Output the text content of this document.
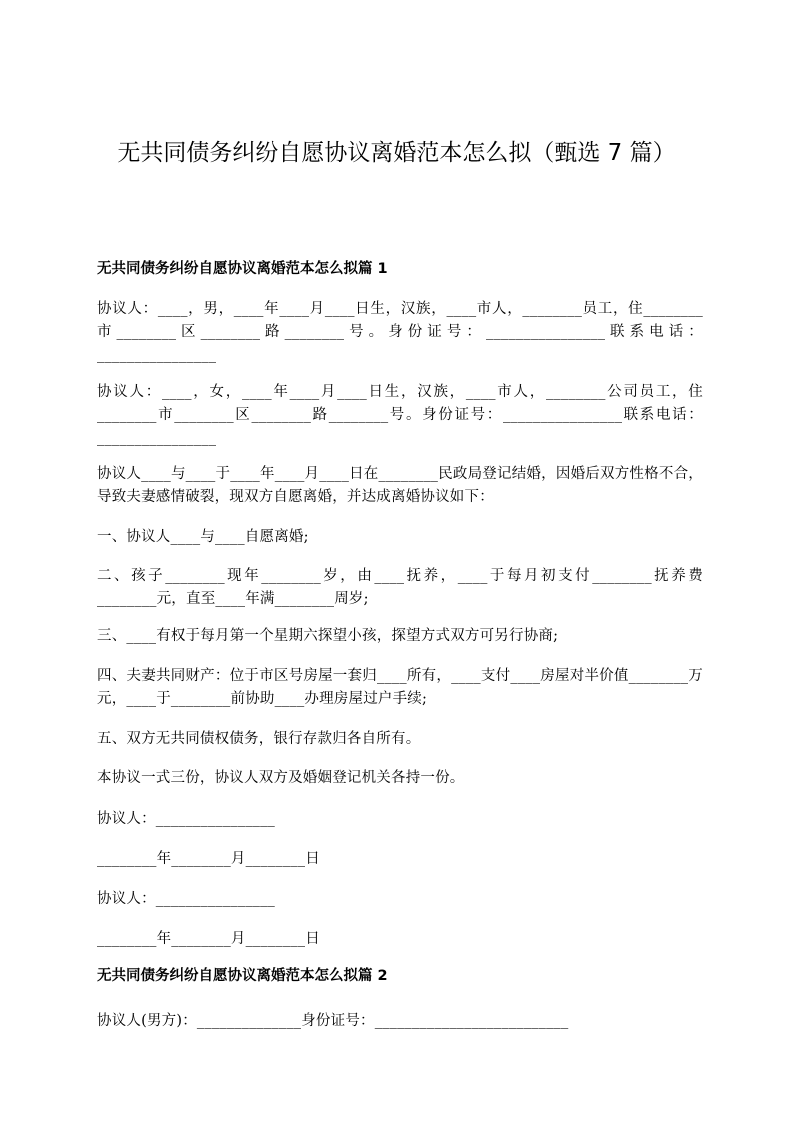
无共同债务纠纷自愿协议离婚范本怎么拟（甄选 7 篇）
无共同债务纠纷自愿协议离婚范本怎么拟篇 1
协议人：____，男，____年____月____日生，汉族，____市人，________员工，住________市________区________路________号。身份证号：________________联系电话：________________
协议人：____，女，____年____月____日生，汉族，____市人，________公司员工，住________市________区________路________号。身份证号：________________联系电话：________________
协议人____与____于____年____月____日在________民政局登记结婚，因婚后双方性格不合，导致夫妻感情破裂，现双方自愿离婚，并达成离婚协议如下：
一、协议人____与____自愿离婚;
二、孩子________现年________岁，由____抚养，____于每月初支付________抚养费________元，直至____年满________周岁;
三、____有权于每月第一个星期六探望小孩，探望方式双方可另行协商;
四、夫妻共同财产：位于市区号房屋一套归____所有，____支付____房屋对半价值________万元，____于________前协助____办理房屋过户手续;
五、双方无共同债权债务，银行存款归各自所有。
本协议一式三份，协议人双方及婚姻登记机关各持一份。
协议人：________________
________年________月________日
协议人：________________
________年________月________日
无共同债务纠纷自愿协议离婚范本怎么拟篇 2
协议人(男方)：______________身份证号：__________________________
